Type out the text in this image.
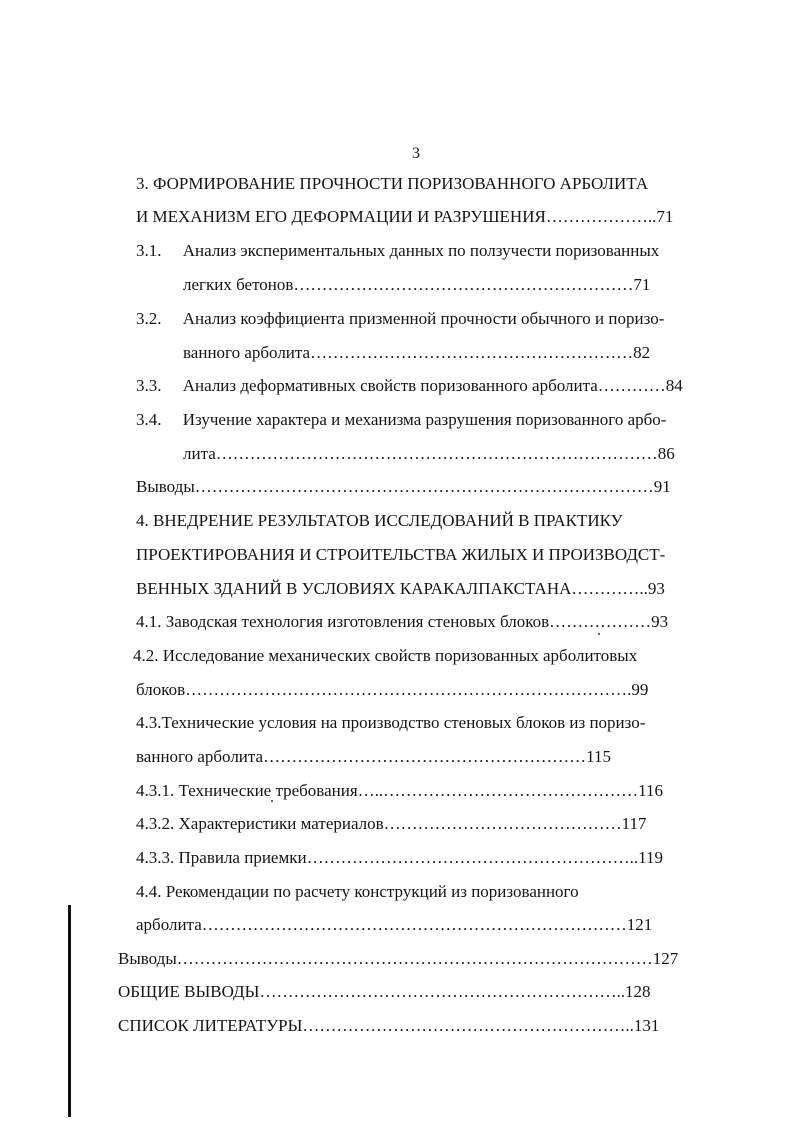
3
3. ФОРМИРОВАНИЕ ПРОЧНОСТИ ПОРИЗОВАННОГО АРБОЛИТА
И МЕХАНИЗМ ЕГО ДЕФОРМАЦИИ И РАЗРУШЕНИЯ………………..71
3.1.     Анализ экспериментальных данных по ползучести поризованных
легких бетонов……………………………………………………71
3.2.     Анализ коэффициента призменной прочности обычного и поризо-
ванного арболита…………………………………………………82
3.3.     Анализ деформативных свойств поризованного арболита…………84
3.4.     Изучение характера и механизма разрушения поризованного арбо-
лита……………………………………………………………………86
Выводы………………………………………………………………………91
4. ВНЕДРЕНИЕ РЕЗУЛЬТАТОВ ИССЛЕДОВАНИЙ В ПРАКТИКУ
ПРОЕКТИРОВАНИЯ И СТРОИТЕЛЬСТВА ЖИЛЫХ И ПРОИЗВОДСТ-
ВЕННЫХ ЗДАНИЙ В УСЛОВИЯХ КАРАКАЛПАКСТАНА…………..93
4.1. Заводская технология изготовления стеновых блоков………………93
4.2. Исследование механических свойств поризованных арболитовых
блоков…………………………………………………………………….99
4.3.Технические условия на производство стеновых блоков из поризо-
ванного арболита…………………………………………………115
4.3.1. Технические требования…..………………………………………116
4.3.2. Характеристики материалов……………………………………117
4.3.3. Правила приемки…………………………………………………..119
4.4. Рекомендации по расчету конструкций из поризованного
арболита…………………………………………………………………121
Выводы…………………………………………………………………………127
ОБЩИЕ ВЫВОДЫ………………………………………………………..128
СПИСОК ЛИТЕРАТУРЫ…………………………………………………..131
